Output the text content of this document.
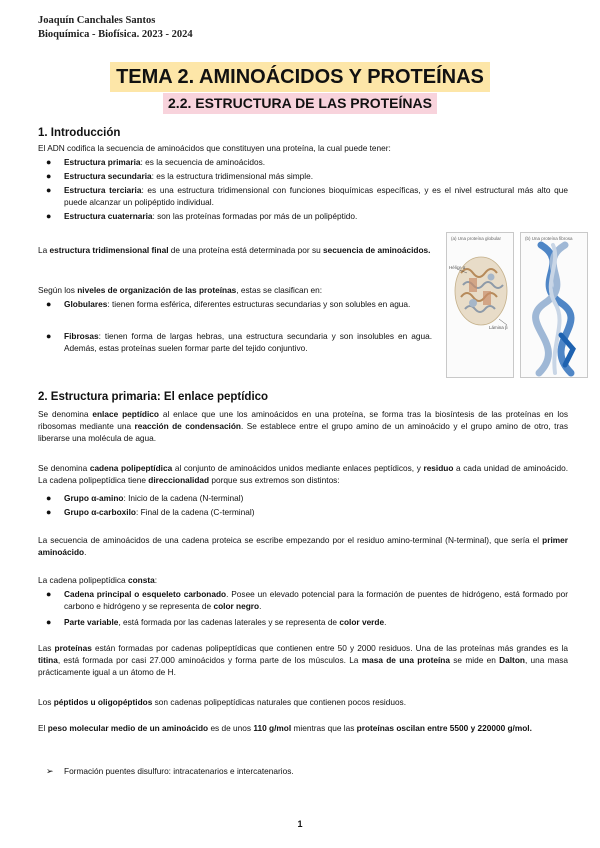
Joaquín Canchales Santos
Bioquímica - Biofísica. 2023 - 2024
TEMA 2. AMINOÁCIDOS Y PROTEÍNAS
2.2. ESTRUCTURA DE LAS PROTEÍNAS
1. Introducción
El ADN codifica la secuencia de aminoácidos que constituyen una proteína, la cual puede tener:
● Estructura primaria: es la secuencia de aminoácidos.
● Estructura secundaria: es la estructura tridimensional más simple.
● Estructura terciaria: es una estructura tridimensional con funciones bioquímicas específicas, y es el nivel estructural más alto que puede alcanzar un polipéptido individual.
● Estructura cuaternaria: son las proteínas formadas por más de un polipéptido.
La estructura tridimensional final de una proteína está determinada por su secuencia de aminoácidos.
Según los niveles de organización de las proteínas, estas se clasifican en:
● Globulares: tienen forma esférica, diferentes estructuras secundarias y son solubles en agua.
● Fibrosas: tienen forma de largas hebras, una estructura secundaria y son insolubles en agua. Además, estas proteínas suelen formar parte del tejido conjuntivo.
(a) Una proteína globular
Hélice α
Lámina β
(b) Una proteína fibrosa
2. Estructura primaria: El enlace peptídico
Se denomina enlace peptídico al enlace que une los aminoácidos en una proteína, se forma tras la biosíntesis de las proteínas en los ribosomas mediante una reacción de condensación. Se establece entre el grupo amino de un aminoácido y el grupo amino de otro, tras liberarse una molécula de agua.
Se denomina cadena polipeptídica al conjunto de aminoácidos unidos mediante enlaces peptídicos, y residuo a cada unidad de aminoácido. La cadena polipeptídica tiene direccionalidad porque sus extremos son distintos:
● Grupo α-amino: Inicio de la cadena (N-terminal)
● Grupo α-carboxilo: Final de la cadena (C-terminal)
La secuencia de aminoácidos de una cadena proteica se escribe empezando por el residuo amino-terminal (N-terminal), que sería el primer aminoácido.
La cadena polipeptídica consta:
● Cadena principal o esqueleto carbonado. Posee un elevado potencial para la formación de puentes de hidrógeno, está formado por carbono e hidrógeno y se representa de color negro.
● Parte variable, está formada por las cadenas laterales y se representa de color verde.
Las proteínas están formadas por cadenas polipeptídicas que contienen entre 50 y 2000 residuos. Una de las proteínas más grandes es la titina, está formada por casi 27.000 aminoácidos y forma parte de los músculos. La masa de una proteína se mide en Dalton, una masa prácticamente igual a un átomo de H.
Los péptidos u oligopéptidos son cadenas polipeptídicas naturales que contienen pocos residuos.
El peso molecular medio de un aminoácido es de unos 110 g/mol mientras que las proteínas oscilan entre 5500 y 220000 g/mol.
➢ Formación puentes disulfuro: intracatenarios e intercatenarios.
1
